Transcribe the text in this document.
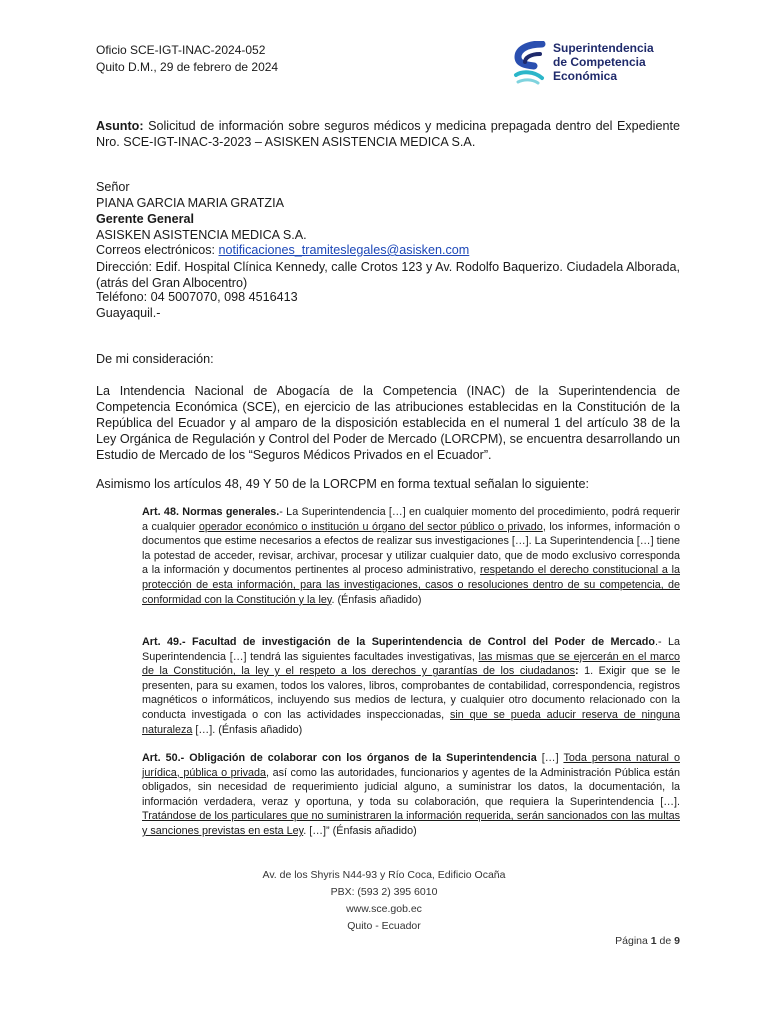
Oficio SCE-IGT-INAC-2024-052
Quito D.M., 29 de febrero de 2024
Superintendencia
de Competencia
Económica
Asunto: Solicitud de información sobre seguros médicos y medicina prepagada dentro del Expediente Nro. SCE-IGT-INAC-3-2023 – ASISKEN ASISTENCIA MEDICA S.A.
Señor
PIANA GARCIA MARIA GRATZIA
Gerente General
ASISKEN ASISTENCIA MEDICA S.A.
Correos electrónicos: notificaciones_tramiteslegales@asisken.com
Dirección: Edif. Hospital Clínica Kennedy, calle Crotos 123 y Av. Rodolfo Baquerizo. Ciudadela Alborada, (atrás del Gran Albocentro)
Teléfono: 04 5007070, 098 4516413
Guayaquil.-
De mi consideración:
La Intendencia Nacional de Abogacía de la Competencia (INAC) de la Superintendencia de Competencia Económica (SCE), en ejercicio de las atribuciones establecidas en la Constitución de la República del Ecuador y al amparo de la disposición establecida en el numeral 1 del artículo 38 de la Ley Orgánica de Regulación y Control del Poder de Mercado (LORCPM), se encuentra desarrollando un Estudio de Mercado de los “Seguros Médicos Privados en el Ecuador”.
Asimismo los artículos 48, 49 Y 50 de la LORCPM en forma textual señalan lo siguiente:
Art. 48. Normas generales.- La Superintendencia […] en cualquier momento del procedimiento, podrá requerir a cualquier operador económico o institución u órgano del sector público o privado, los informes, información o documentos que estime necesarios a efectos de realizar sus investigaciones […]. La Superintendencia […] tiene la potestad de acceder, revisar, archivar, procesar y utilizar cualquier dato, que de modo exclusivo corresponda a la información y documentos pertinentes al proceso administrativo, respetando el derecho constitucional a la protección de esta información, para las investigaciones, casos o resoluciones dentro de su competencia, de conformidad con la Constitución y la ley. (Énfasis añadido)
Art. 49.- Facultad de investigación de la Superintendencia de Control del Poder de Mercado.- La Superintendencia […] tendrá las siguientes facultades investigativas, las mismas que se ejercerán en el marco de la Constitución, la ley y el respeto a los derechos y garantías de los ciudadanos: 1. Exigir que se le presenten, para su examen, todos los valores, libros, comprobantes de contabilidad, correspondencia, registros magnéticos o informáticos, incluyendo sus medios de lectura, y cualquier otro documento relacionado con la conducta investigada o con las actividades inspeccionadas, sin que se pueda aducir reserva de ninguna naturaleza […]. (Énfasis añadido)
Art. 50.- Obligación de colaborar con los órganos de la Superintendencia […] Toda persona natural o jurídica, pública o privada, así como las autoridades, funcionarios y agentes de la Administración Pública están obligados, sin necesidad de requerimiento judicial alguno, a suministrar los datos, la documentación, la información verdadera, veraz y oportuna, y toda su colaboración, que requiera la Superintendencia […]. Tratándose de los particulares que no suministraren la información requerida, serán sancionados con las multas y sanciones previstas en esta Ley. […]” (Énfasis añadido)
Av. de los Shyris N44-93 y Río Coca, Edificio Ocaña
PBX: (593 2) 395 6010
www.sce.gob.ec
Quito - Ecuador
Página 1 de 9
